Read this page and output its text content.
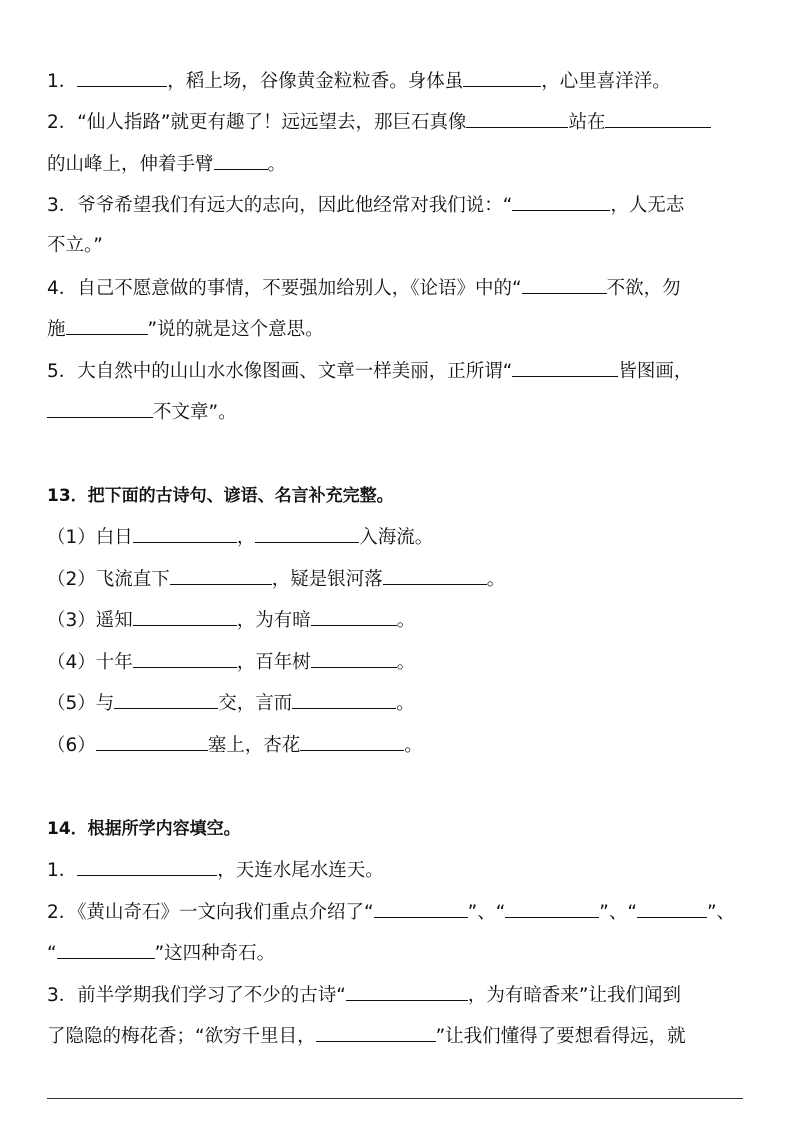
1．	，稻上场，谷像黄金粒粒香。身体虽	，心里喜洋洋。
2．“仙人指路”就更有趣了！远远望去，那巨石真像	站在
的山峰上，伸着手臂	。
3．爷爷希望我们有远大的志向，因此他经常对我们说：“	，人无志
不立。”
4．自己不愿意做的事情，不要强加给别人，《论语》中的“	不欲，勿
施	”说的就是这个意思。
5．大自然中的山山水水像图画、文章一样美丽，正所谓“	皆图画，
不文章”。
13．把下面的古诗句、谚语、名言补充完整。
（1）白日	，	入海流。
（2）飞流直下	，疑是银河落	。
（3）遥知	，为有暗	。
（4）十年	，百年树	。
（5）与	交，言而	。
（6）	塞上，杏花	。
14．根据所学内容填空。
1．	，天连水尾水连天。
2．《黄山奇石》一文向我们重点介绍了“	”、“	”、“	”、
“	”这四种奇石。
3．前半学期我们学习了不少的古诗“	，为有暗香来”让我们闻到
了隐隐的梅花香；“欲穷千里目，	”让我们懂得了要想看得远，就
